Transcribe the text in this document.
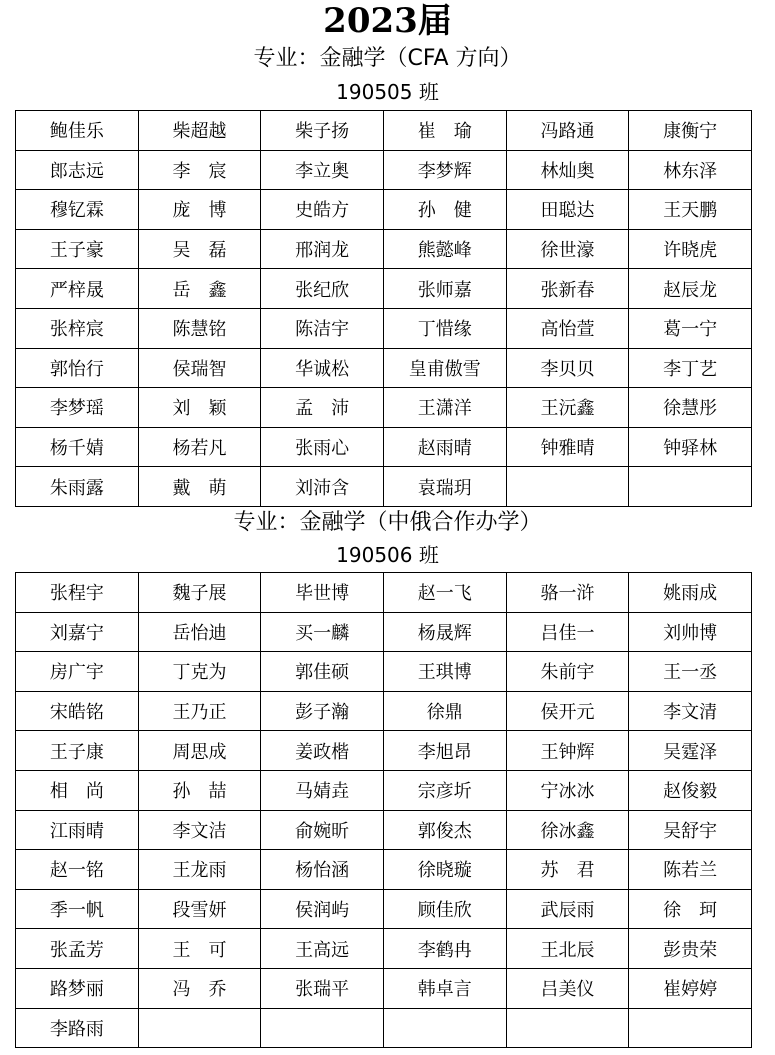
2023届
专业：金融学（CFA 方向）
190505 班
鲍佳乐	柴超越	柴子扬	崔　瑜	冯路通	康衡宁
郎志远	李　宸	李立奥	李梦辉	林灿奥	林东泽
穆钇霖	庞　博	史皓方	孙　健	田聪达	王天鹏
王子豪	吴　磊	邢润龙	熊懿峰	徐世濠	许晓虎
严梓晟	岳　鑫	张纪欣	张师嘉	张新春	赵辰龙
张梓宸	陈慧铭	陈洁宇	丁惜缘	高怡萱	葛一宁
郭怡行	侯瑞智	华诚松	皇甫傲雪	李贝贝	李丁艺
李梦瑶	刘　颖	孟　沛	王潇洋	王沅鑫	徐慧彤
杨千婧	杨若凡	张雨心	赵雨晴	钟雅晴	钟驿林
朱雨露	戴　萌	刘沛含	袁瑞玥		
专业：金融学（中俄合作办学）
190506 班
张程宇	魏子展	毕世博	赵一飞	骆一浒	姚雨成
刘嘉宁	岳怡迪	买一麟	杨晟辉	吕佳一	刘帅博
房广宇	丁克为	郭佳硕	王琪博	朱前宇	王一丞
宋皓铭	王乃正	彭子瀚	徐鼎	侯开元	李文清
王子康	周思成	姜政楷	李旭昂	王钟辉	吴霆泽
相　尚	孙　喆	马婧垚	宗彦圻	宁冰冰	赵俊毅
江雨晴	李文洁	俞婉昕	郭俊杰	徐冰鑫	吴舒宇
赵一铭	王龙雨	杨怡涵	徐晓璇	苏　君	陈若兰
季一帆	段雪妍	侯润屿	顾佳欣	武辰雨	徐　珂
张孟芳	王　可	王高远	李鹤冉	王北辰	彭贵荣
路梦丽	冯　乔	张瑞平	韩卓言	吕美仪	崔婷婷
李路雨					
